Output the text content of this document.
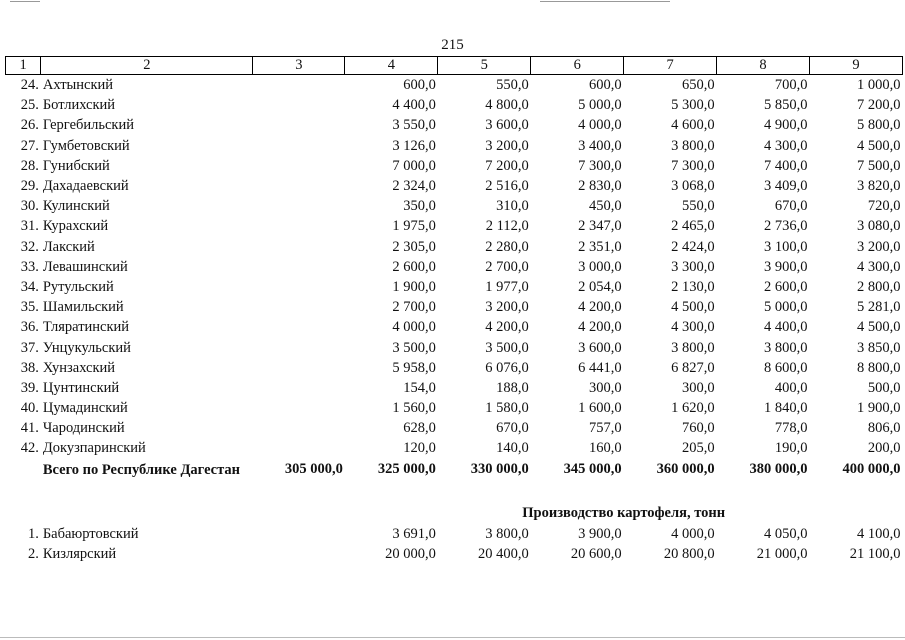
215
1	2	3	4	5	6	7	8	9
24.	Ахтынский		600,0	550,0	600,0	650,0	700,0	1 000,0
25.	Ботлихский		4 400,0	4 800,0	5 000,0	5 300,0	5 850,0	7 200,0
26.	Гергебильский		3 550,0	3 600,0	4 000,0	4 600,0	4 900,0	5 800,0
27.	Гумбетовский		3 126,0	3 200,0	3 400,0	3 800,0	4 300,0	4 500,0
28.	Гунибский		7 000,0	7 200,0	7 300,0	7 300,0	7 400,0	7 500,0
29.	Дахадаевский		2 324,0	2 516,0	2 830,0	3 068,0	3 409,0	3 820,0
30.	Кулинский		350,0	310,0	450,0	550,0	670,0	720,0
31.	Курахский		1 975,0	2 112,0	2 347,0	2 465,0	2 736,0	3 080,0
32.	Лакский		2 305,0	2 280,0	2 351,0	2 424,0	3 100,0	3 200,0
33.	Левашинский		2 600,0	2 700,0	3 000,0	3 300,0	3 900,0	4 300,0
34.	Рутульский		1 900,0	1 977,0	2 054,0	2 130,0	2 600,0	2 800,0
35.	Шамильский		2 700,0	3 200,0	4 200,0	4 500,0	5 000,0	5 281,0
36.	Тляратинский		4 000,0	4 200,0	4 200,0	4 300,0	4 400,0	4 500,0
37.	Унцукульский		3 500,0	3 500,0	3 600,0	3 800,0	3 800,0	3 850,0
38.	Хунзахский		5 958,0	6 076,0	6 441,0	6 827,0	8 600,0	8 800,0
39.	Цунтинский		154,0	188,0	300,0	300,0	400,0	500,0
40.	Цумадинский		1 560,0	1 580,0	1 600,0	1 620,0	1 840,0	1 900,0
41.	Чародинский		628,0	670,0	757,0	760,0	778,0	806,0
42.	Докузпаринский		120,0	140,0	160,0	205,0	190,0	200,0
	Всего по Республике Дагестан	305 000,0	325 000,0	330 000,0	345 000,0	360 000,0	380 000,0	400 000,0

			Производство картофеля, тонн					
1.	Бабаюртовский		3 691,0	3 800,0	3 900,0	4 000,0	4 050,0	4 100,0
2.	Кизлярский		20 000,0	20 400,0	20 600,0	20 800,0	21 000,0	21 100,0
